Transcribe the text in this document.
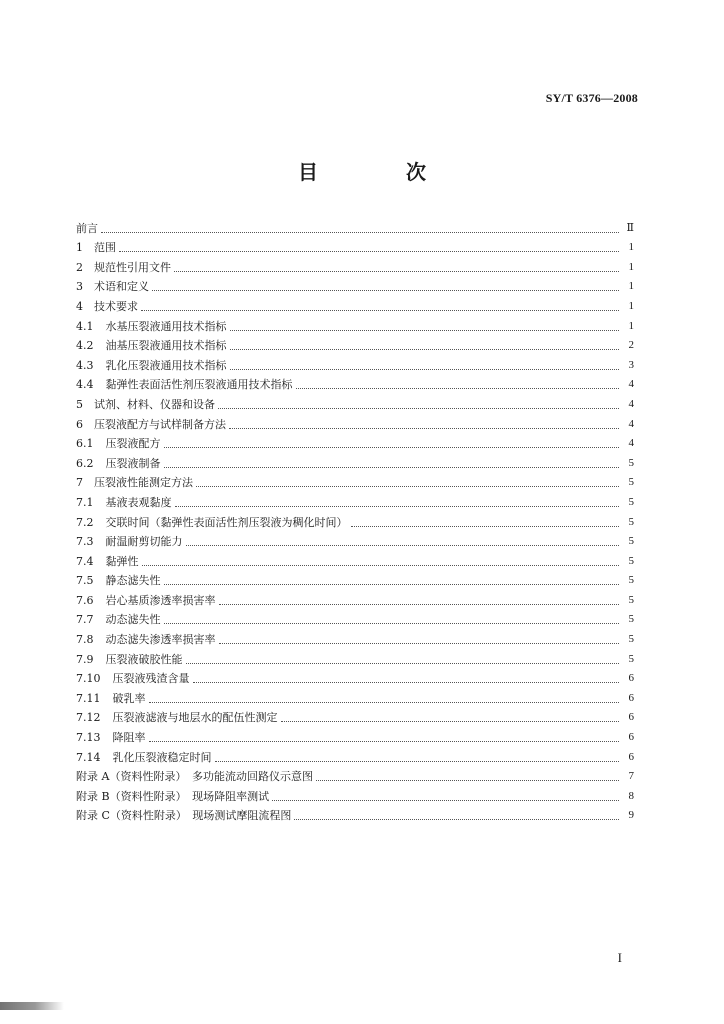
SY/T 6376—2008
目　次
前言	Ⅱ
1 范围	1
2 规范性引用文件	1
3 术语和定义	1
4 技术要求	1
4.1 水基压裂液通用技术指标	1
4.2 油基压裂液通用技术指标	2
4.3 乳化压裂液通用技术指标	3
4.4 黏弹性表面活性剂压裂液通用技术指标	4
5 试剂、材料、仪器和设备	4
6 压裂液配方与试样制备方法	4
6.1 压裂液配方	4
6.2 压裂液制备	5
7 压裂液性能测定方法	5
7.1 基液表观黏度	5
7.2 交联时间（黏弹性表面活性剂压裂液为稠化时间）	5
7.3 耐温耐剪切能力	5
7.4 黏弹性	5
7.5 静态滤失性	5
7.6 岩心基质渗透率损害率	5
7.7 动态滤失性	5
7.8 动态滤失渗透率损害率	5
7.9 压裂液破胶性能	5
7.10 压裂液残渣含量	6
7.11 破乳率	6
7.12 压裂液滤液与地层水的配伍性测定	6
7.13 降阻率	6
7.14 乳化压裂液稳定时间	6
附录 A（资料性附录）　多功能流动回路仪示意图	7
附录 B（资料性附录）　现场降阻率测试	8
附录 C（资料性附录）　现场测试摩阻流程图	9
I
